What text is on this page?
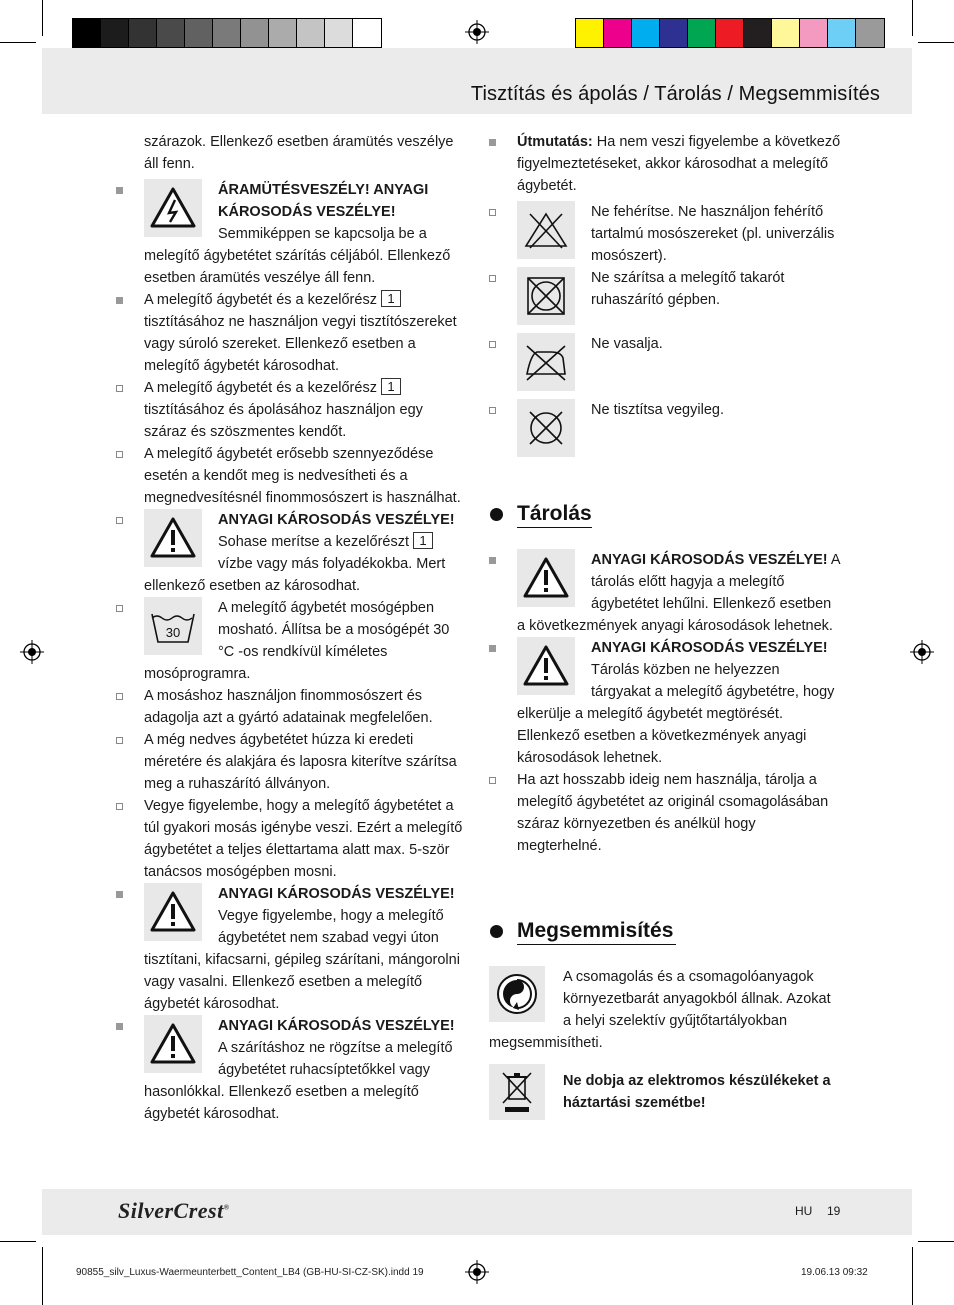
Tisztítás és ápolás / Tárolás / Megsemmisítés
szárazok. Ellenkező esetben áramütés veszélye áll fenn.
ÁRAMÜTÉSVESZÉLY! ANYAGI KÁROSODÁS VESZÉLYE! Semmiképpen se kapcsolja be a melegítő ágybetétet szárítás céljából. Ellenkező esetben áramütés veszélye áll fenn.
A melegítő ágybetét és a kezelőrész 1 tisztításához ne használjon vegyi tisztítószereket vagy súroló szereket. Ellenkező esetben a melegítő ágybetét károsodhat.
A melegítő ágybetét és a kezelőrész 1 tisztításához és ápolásához használjon egy száraz és szöszmentes kendőt.
A melegítő ágybetét erősebb szennyeződése esetén a kendőt meg is nedvesítheti és a megnedvesítésnél finommosószert is használhat.
ANYAGI KÁROSODÁS VESZÉLYE! Sohase merítse a kezelőrészt 1 vízbe vagy más folyadékokba. Mert ellenkező esetben az károsodhat.
30
A melegítő ágybetét mosógépben mosható. Állítsa be a mosógépét 30 °C -os rendkívül kíméletes mosóprogramra.
A mosáshoz használjon finommosószert és adagolja azt a gyártó adatainak megfelelően.
A még nedves ágybetétet húzza ki eredeti méretére és alakjára és laposra kiterítve szárítsa meg a ruhaszárító állványon.
Vegye figyelembe, hogy a melegítő ágybetétet a túl gyakori mosás igénybe veszi. Ezért a melegítő ágybetétet a teljes élettartama alatt max. 5-ször tanácsos mosógépben mosni.
ANYAGI KÁROSODÁS VESZÉLYE! Vegye figyelembe, hogy a melegítő ágybetétet nem szabad vegyi úton tisztítani, kifacsarni, gépileg szárítani, mángorolni vagy vasalni. Ellenkező esetben a melegítő ágybetét károsodhat.
ANYAGI KÁROSODÁS VESZÉLYE! A szárításhoz ne rögzítse a melegítő ágybetétet ruhacsíptetőkkel vagy hasonlókkal. Ellenkező esetben a melegítő ágybetét károsodhat.
Útmutatás: Ha nem veszi figyelembe a következő figyelmeztetéseket, akkor károsodhat a melegítő ágybetét.
Ne fehérítse. Ne használjon fehérítő tartalmú mosószereket (pl. univerzális mosószert).
Ne szárítsa a melegítő takarót ruhaszárító gépben.
Ne vasalja.
Ne tisztítsa vegyileg.
Tárolás
ANYAGI KÁROSODÁS VESZÉLYE! A tárolás előtt hagyja a melegítő ágybetétet lehűlni. Ellenkező esetben a következmények anyagi károsodások lehetnek.
ANYAGI KÁROSODÁS VESZÉLYE! Tárolás közben ne helyezzen tárgyakat a melegítő ágybetétre, hogy elkerülje a melegítő ágybetét megtörését. Ellenkező esetben a következmények anyagi károsodások lehetnek.
Ha azt hosszabb ideig nem használja, tárolja a melegítő ágybetétet az originál csomagolásában száraz környezetben és anélkül hogy megterhelné.
Megsemmisítés
A csomagolás és a csomagolóanyagok környezetbarát anyagokból állnak. Azokat a helyi szelektív gyűjtőtartályokban megsemmisítheti.
Ne dobja az elektromos készülékeket a háztartási szemétbe!
SilverCrest®	HU 19
90855_silv_Luxus-Waermeunterbett_Content_LB4 (GB-HU-SI-CZ-SK).indd 19	19.06.13 09:32
